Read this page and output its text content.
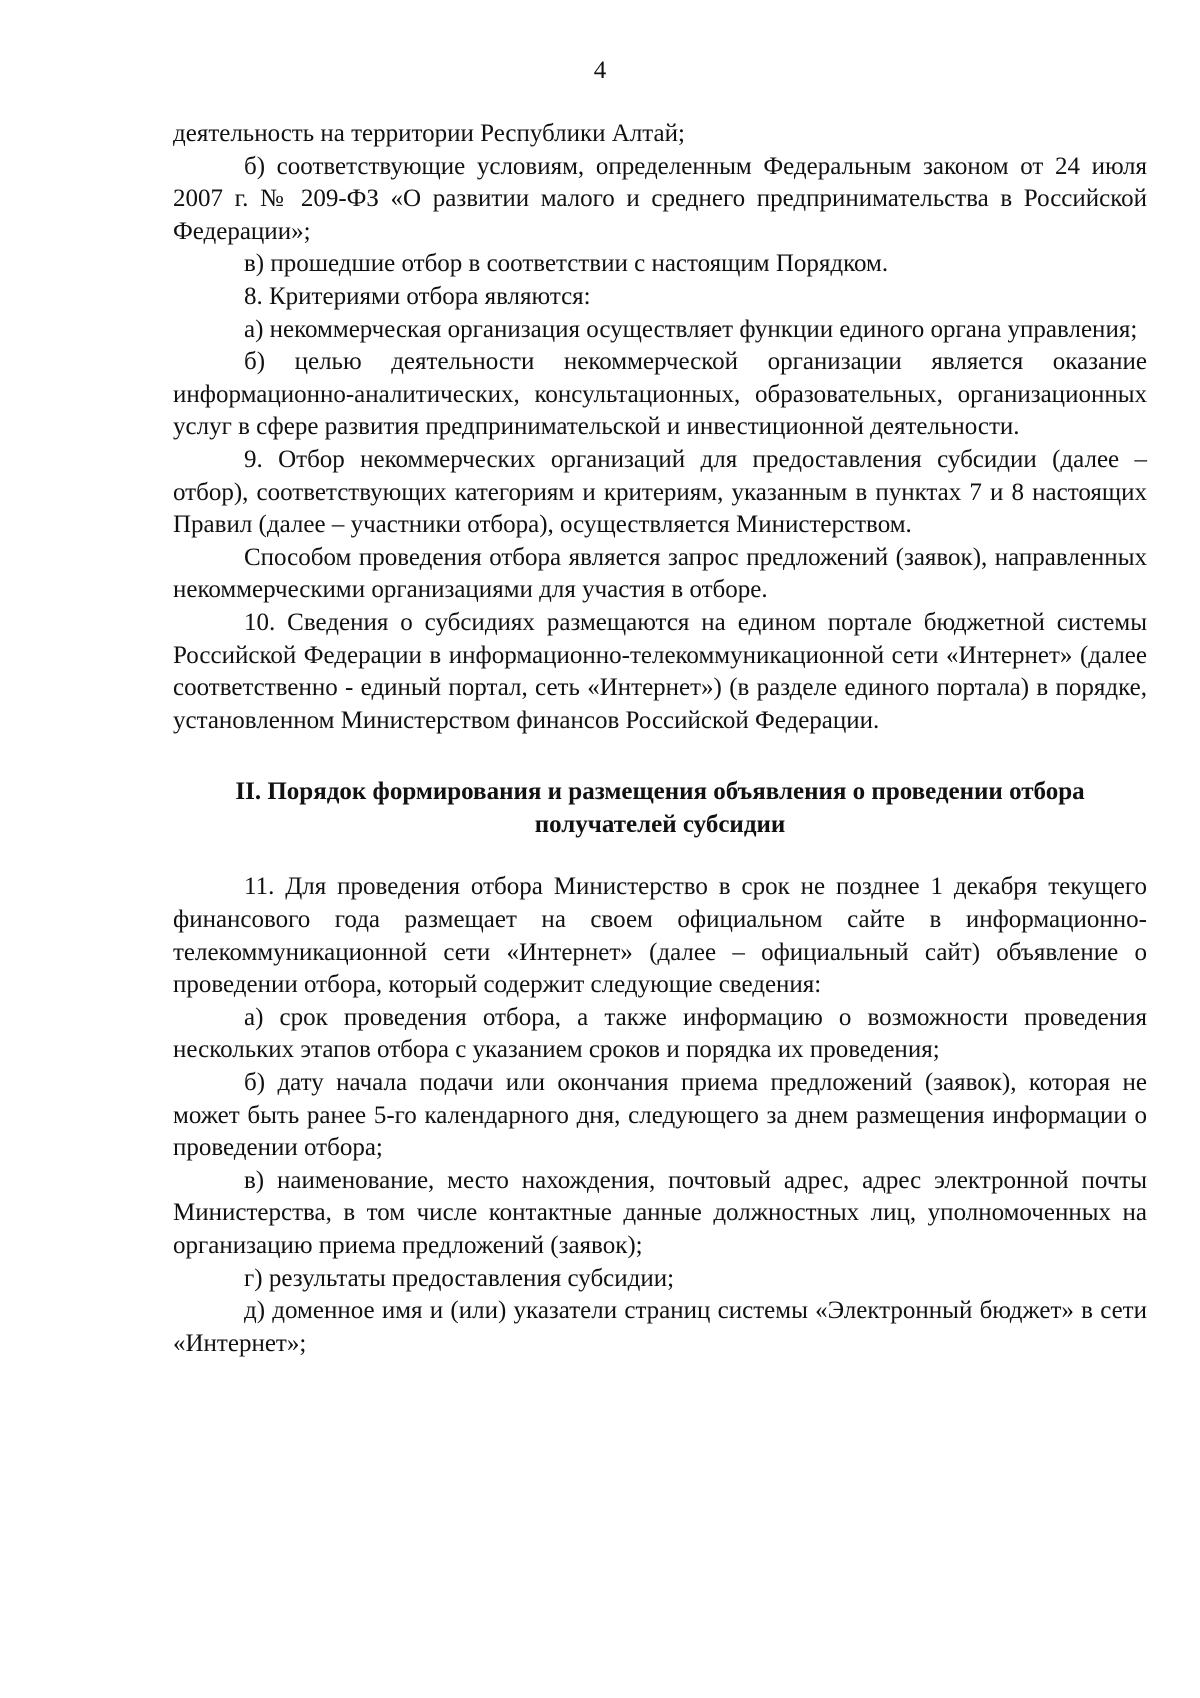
4

деятельность на территории Республики Алтай;

б) соответствующие условиям, определенным Федеральным законом от 24 июля 2007 г. № 209-ФЗ «О развитии малого и среднего предпринимательства в Российской Федерации»;

в) прошедшие отбор в соответствии с настоящим Порядком.

8. Критериями отбора являются:

а) некоммерческая организация осуществляет функции единого органа управления;

б) целью деятельности некоммерческой организации является оказание информационно-аналитических, консультационных, образовательных, организационных услуг в сфере развития предпринимательской и инвестиционной деятельности.

9. Отбор некоммерческих организаций для предоставления субсидии (далее – отбор), соответствующих категориям и критериям, указанным в пунктах 7 и 8 настоящих Правил (далее – участники отбора), осуществляется Министерством.

Способом проведения отбора является запрос предложений (заявок), направленных некоммерческими организациями для участия в отборе.

10. Сведения о субсидиях размещаются на едином портале бюджетной системы Российской Федерации в информационно-телекоммуникационной сети «Интернет» (далее соответственно - единый портал, сеть «Интернет») (в разделе единого портала) в порядке, установленном Министерством финансов Российской Федерации.

II. Порядок формирования и размещения объявления о проведении отбора
получателей субсидии

11. Для проведения отбора Министерство в срок не позднее 1 декабря текущего финансового года размещает на своем официальном сайте в информационно-телекоммуникационной сети «Интернет» (далее – официальный сайт) объявление о проведении отбора, который содержит следующие сведения:

а) срок проведения отбора, а также информацию о возможности проведения нескольких этапов отбора с указанием сроков и порядка их проведения;

б) дату начала подачи или окончания приема предложений (заявок), которая не может быть ранее 5-го календарного дня, следующего за днем размещения информации о проведении отбора;

в) наименование, место нахождения, почтовый адрес, адрес электронной почты Министерства, в том числе контактные данные должностных лиц, уполномоченных на организацию приема предложений (заявок);

г) результаты предоставления субсидии;

д) доменное имя и (или) указатели страниц системы «Электронный бюджет» в сети «Интернет»;
